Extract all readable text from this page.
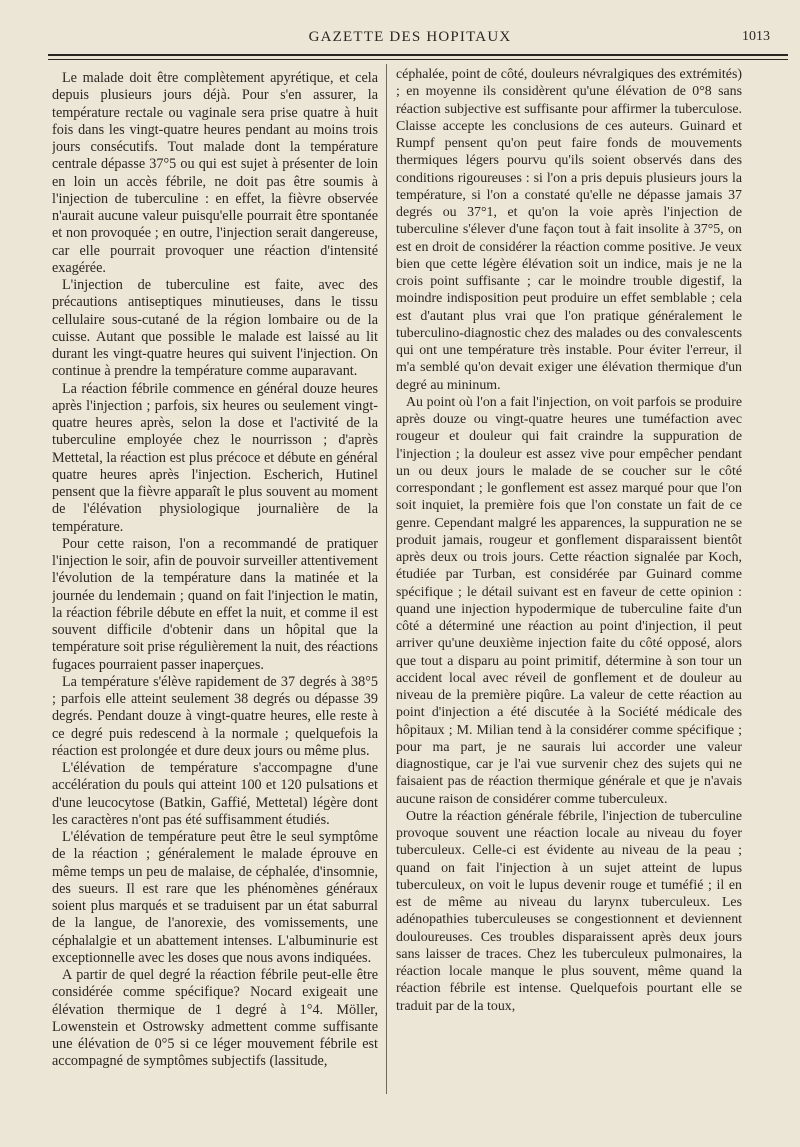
GAZETTE DES HOPITAUX	1013

Le malade doit être complètement apyrétique, et cela depuis plusieurs jours déjà. Pour s'en assurer, la température rectale ou vaginale sera prise quatre à huit fois dans les vingt-quatre heures pendant au moins trois jours consécutifs. Tout malade dont la température centrale dépasse 37°5 ou qui est sujet à présenter de loin en loin un accès fébrile, ne doit pas être soumis à l'injection de tuberculine : en effet, la fièvre observée n'aurait aucune valeur puisqu'elle pourrait être spontanée et non provoquée ; en outre, l'injection serait dangereuse, car elle pourrait provoquer une réaction d'intensité exagérée.

L'injection de tuberculine est faite, avec des précautions antiseptiques minutieuses, dans le tissu cellulaire sous-cutané de la région lombaire ou de la cuisse. Autant que possible le malade est laissé au lit durant les vingt-quatre heures qui suivent l'injection. On continue à prendre la température comme auparavant.

La réaction fébrile commence en général douze heures après l'injection ; parfois, six heures ou seulement vingt-quatre heures après, selon la dose et l'activité de la tuberculine employée chez le nourrisson ; d'après Mettetal, la réaction est plus précoce et débute en général quatre heures après l'injection. Escherich, Hutinel pensent que la fièvre apparaît le plus souvent au moment de l'élévation physiologique journalière de la température.

Pour cette raison, l'on a recommandé de pratiquer l'injection le soir, afin de pouvoir surveiller attentivement l'évolution de la température dans la matinée et la journée du lendemain ; quand on fait l'injection le matin, la réaction fébrile débute en effet la nuit, et comme il est souvent difficile d'obtenir dans un hôpital que la température soit prise régulièrement la nuit, des réactions fugaces pourraient passer inaperçues.

La température s'élève rapidement de 37 degrés à 38°5 ; parfois elle atteint seulement 38 degrés ou dépasse 39 degrés. Pendant douze à vingt-quatre heures, elle reste à ce degré puis redescend à la normale ; quelquefois la réaction est prolongée et dure deux jours ou même plus.

L'élévation de température s'accompagne d'une accélération du pouls qui atteint 100 et 120 pulsations et d'une leucocytose (Batkin, Gaffié, Mettetal) légère dont les caractères n'ont pas été suffisamment étudiés.

L'élévation de température peut être le seul symptôme de la réaction ; généralement le malade éprouve en même temps un peu de malaise, de céphalée, d'insomnie, des sueurs. Il est rare que les phénomènes généraux soient plus marqués et se traduisent par un état saburral de la langue, de l'anorexie, des vomissements, une céphalalgie et un abattement intenses. L'albuminurie est exceptionnelle avec les doses que nous avons indiquées.

A partir de quel degré la réaction fébrile peut-elle être considérée comme spécifique? Nocard exigeait une élévation thermique de 1 degré à 1°4. Möller, Lowenstein et Ostrowsky admettent comme suffisante une élévation de 0°5 si ce léger mouvement fébrile est accompagné de symptômes subjectifs (lassitude,

céphalée, point de côté, douleurs névralgiques des extrémités) ; en moyenne ils considèrent qu'une élévation de 0°8 sans réaction subjective est suffisante pour affirmer la tuberculose. Claisse accepte les conclusions de ces auteurs. Guinard et Rumpf pensent qu'on peut faire fonds de mouvements thermiques légers pourvu qu'ils soient observés dans des conditions rigoureuses : si l'on a pris depuis plusieurs jours la température, si l'on a constaté qu'elle ne dépasse jamais 37 degrés ou 37°1, et qu'on la voie après l'injection de tuberculine s'élever d'une façon tout à fait insolite à 37°5, on est en droit de considérer la réaction comme positive. Je veux bien que cette légère élévation soit un indice, mais je ne la crois point suffisante ; car le moindre trouble digestif, la moindre indisposition peut produire un effet semblable ; cela est d'autant plus vrai que l'on pratique généralement le tuberculino-diagnostic chez des malades ou des convalescents qui ont une température très instable. Pour éviter l'erreur, il m'a semblé qu'on devait exiger une élévation thermique d'un degré au mininum.

Au point où l'on a fait l'injection, on voit parfois se produire après douze ou vingt-quatre heures une tuméfaction avec rougeur et douleur qui fait craindre la suppuration de l'injection ; la douleur est assez vive pour empêcher pendant un ou deux jours le malade de se coucher sur le côté correspondant ; le gonflement est assez marqué pour que l'on soit inquiet, la première fois que l'on constate un fait de ce genre. Cependant malgré les apparences, la suppuration ne se produit jamais, rougeur et gonflement disparaissent bientôt après deux ou trois jours. Cette réaction signalée par Koch, étudiée par Turban, est considérée par Guinard comme spécifique ; le détail suivant est en faveur de cette opinion : quand une injection hypodermique de tuberculine faite d'un côté a déterminé une réaction au point d'injection, il peut arriver qu'une deuxième injection faite du côté opposé, alors que tout a disparu au point primitif, détermine à son tour un accident local avec réveil de gonflement et de douleur au niveau de la première piqûre. La valeur de cette réaction au point d'injection a été discutée à la Société médicale des hôpitaux ; M. Milian tend à la considérer comme spécifique ; pour ma part, je ne saurais lui accorder une valeur diagnostique, car je l'ai vue survenir chez des sujets qui ne faisaient pas de réaction thermique générale et que je n'avais aucune raison de considérer comme tuberculeux.

Outre la réaction générale fébrile, l'injection de tuberculine provoque souvent une réaction locale au niveau du foyer tuberculeux. Celle-ci est évidente au niveau de la peau ; quand on fait l'injection à un sujet atteint de lupus tuberculeux, on voit le lupus devenir rouge et tuméfié ; il en est de même au niveau du larynx tuberculeux. Les adénopathies tuberculeuses se congestionnent et deviennent douloureuses. Ces troubles disparaissent après deux jours sans laisser de traces. Chez les tuberculeux pulmonaires, la réaction locale manque le plus souvent, même quand la réaction fébrile est intense. Quelquefois pourtant elle se traduit par de la toux,
